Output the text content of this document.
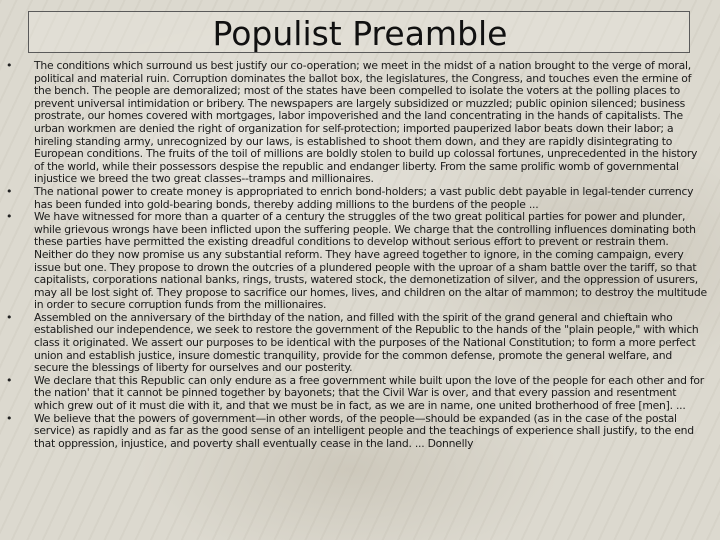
Populist Preamble
•	The conditions which surround us best justify our co-operation; we meet in the midst of a nation brought to the verge of moral, political and material ruin. Corruption dominates the ballot box, the legislatures, the Congress, and touches even the ermine of the bench. The people are demoralized; most of the states have been compelled to isolate the voters at the polling places to prevent universal intimidation or bribery. The newspapers are largely subsidized or muzzled; public opinion silenced; business prostrate, our homes covered with mortgages, labor impoverished and the land concentrating in the hands of capitalists. The urban workmen are denied the right of organization for self-protection; imported pauperized labor beats down their labor; a hireling standing army, unrecognized by our laws, is established to shoot them down, and they are rapidly disintegrating to European conditions. The fruits of the toil of millions are boldly stolen to build up colossal fortunes, unprecedented in the history of the world, while their possessors despise the republic and endanger liberty. From the same prolific womb of governmental injustice we breed the two great classes--tramps and millionaires.
•	The national power to create money is appropriated to enrich bond-holders; a vast public debt payable in legal-tender currency has been funded into gold-bearing bonds, thereby adding millions to the burdens of the people ...
•	We have witnessed for more than a quarter of a century the struggles of the two great political parties for power and plunder, while grievous wrongs have been inflicted upon the suffering people. We charge that the controlling influences dominating both these parties have permitted the existing dreadful conditions to develop without serious effort to prevent or restrain them. Neither do they now promise us any substantial reform. They have agreed together to ignore, in the coming campaign, every issue but one. They propose to drown the outcries of a plundered people with the uproar of a sham battle over the tariff, so that capitalists, corporations national banks, rings, trusts, watered stock, the demonetization of silver, and the oppression of usurers, may all be lost sight of. They propose to sacrifice our homes, lives, and children on the altar of mammon; to destroy the multitude in order to secure corruption funds from the millionaires.
•	Assembled on the anniversary of the birthday of the nation, and filled with the spirit of the grand general and chieftain who established our independence, we seek to restore the government of the Republic to the hands of the "plain people," with which class it originated. We assert our purposes to be identical with the purposes of the National Constitution; to form a more perfect union and establish justice, insure domestic tranquility, provide for the common defense, promote the general welfare, and secure the blessings of liberty for ourselves and our posterity.
•	We declare that this Republic can only endure as a free government while built upon the love of the people for each other and for the nation' that it cannot be pinned together by bayonets; that the Civil War is over, and that every passion and resentment which grew out of it must die with it, and that we must be in fact, as we are in name, one united brotherhood of free [men]. ...
•	We believe that the powers of government—in other words, of the people—should be expanded (as in the case of the postal service) as rapidly and as far as the good sense of an intelligent people and the teachings of experience shall justify, to the end that oppression, injustice, and poverty shall eventually cease in the land. ... Donnelly
